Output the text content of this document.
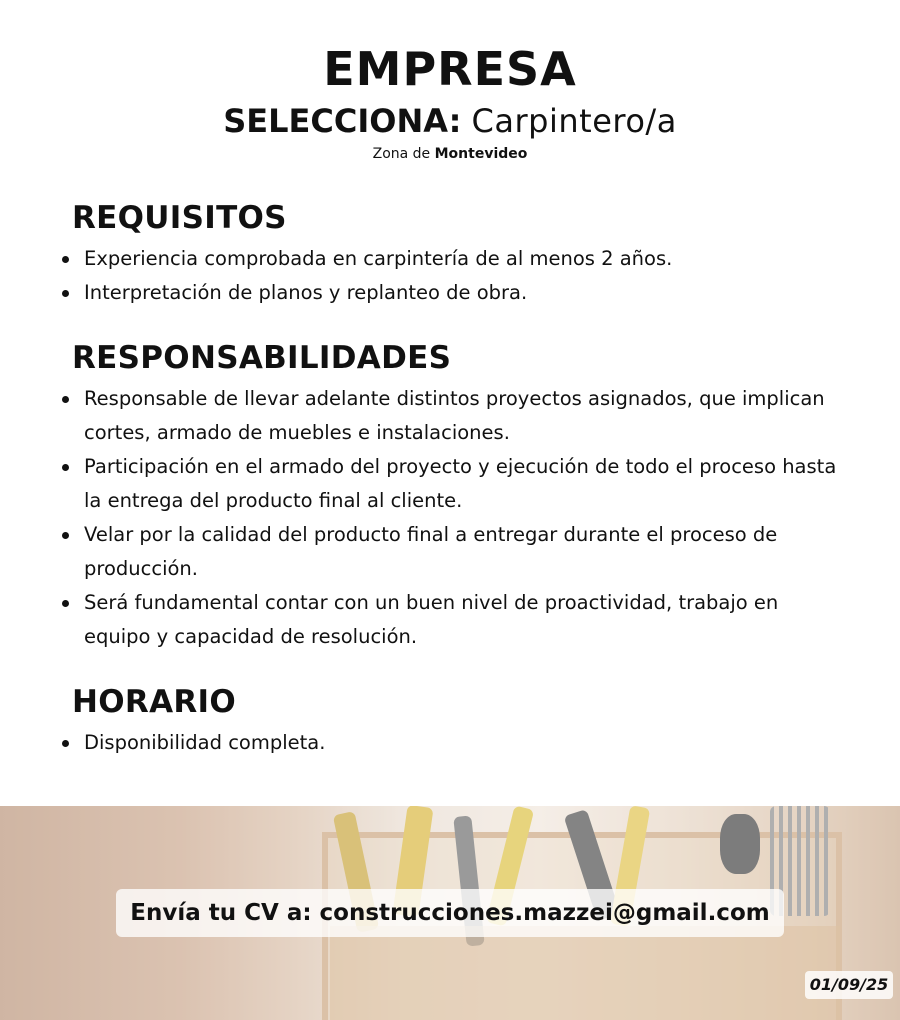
EMPRESA
SELECCIONA: Carpintero/a
Zona de Montevideo
REQUISITOS
Experiencia comprobada en carpintería de al menos 2 años.
Interpretación de planos y replanteo de obra.
RESPONSABILIDADES
Responsable de llevar adelante distintos proyectos asignados, que implican cortes, armado de muebles e instalaciones.
Participación en el armado del proyecto y ejecución de todo el proceso hasta la entrega del producto final al cliente.
Velar por la calidad del producto final a entregar durante el proceso de producción.
Será fundamental contar con un buen nivel de proactividad, trabajo en equipo y capacidad de resolución.
HORARIO
Disponibilidad completa.
Envía tu CV a: construcciones.mazzei@gmail.com
01/09/25
